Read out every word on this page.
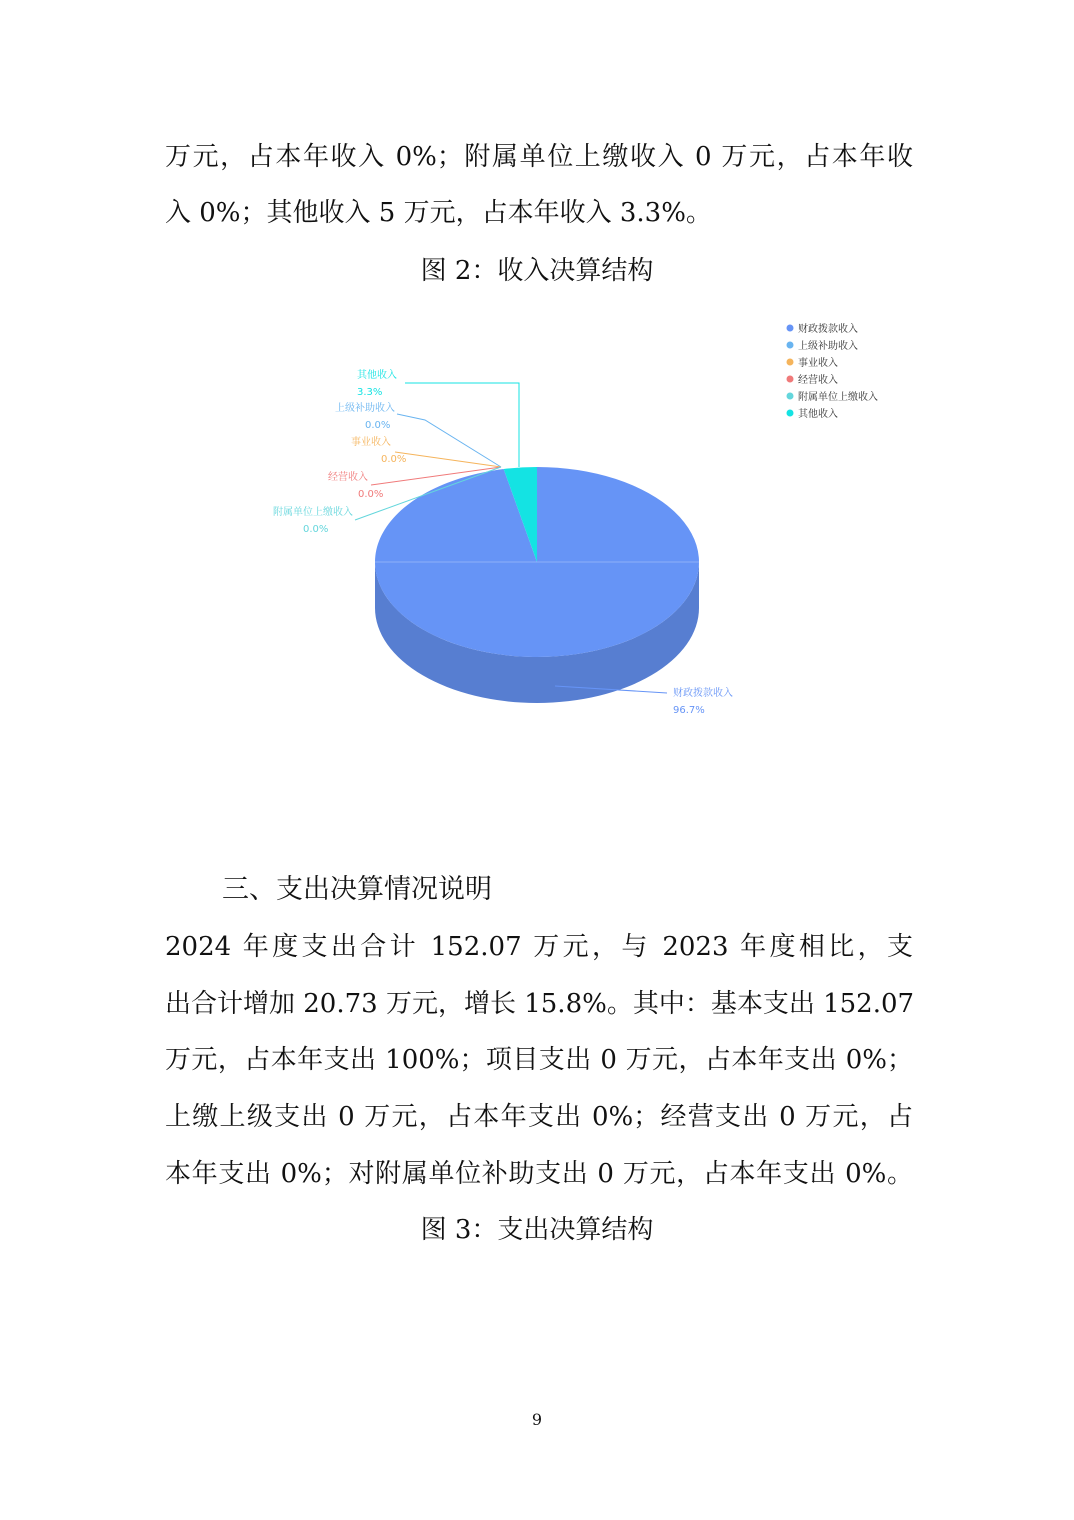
万元，占本年收入 0%；附属单位上缴收入 0 万元，占本年收
入 0%；其他收入 5 万元，占本年收入 3.3%。
图 2：收入决算结构
财政拨款收入
96.7%
上级补助收入
0.0%
事业收入
0.0%
经营收入
0.0%
附属单位上缴收入
0.0%
其他收入
3.3%
财政拨款收入
上级补助收入
事业收入
经营收入
附属单位上缴收入
其他收入
三、支出决算情况说明
2024 年度支出合计 152.07 万元，与 2023 年度相比，支
出合计增加 20.73 万元，增长 15.8%。其中：基本支出 152.07
万元，占本年支出 100%；项目支出 0 万元，占本年支出 0%；
上缴上级支出 0 万元，占本年支出 0%；经营支出 0 万元，占
本年支出 0%；对附属单位补助支出 0 万元，占本年支出 0%。
图 3：支出决算结构
9
